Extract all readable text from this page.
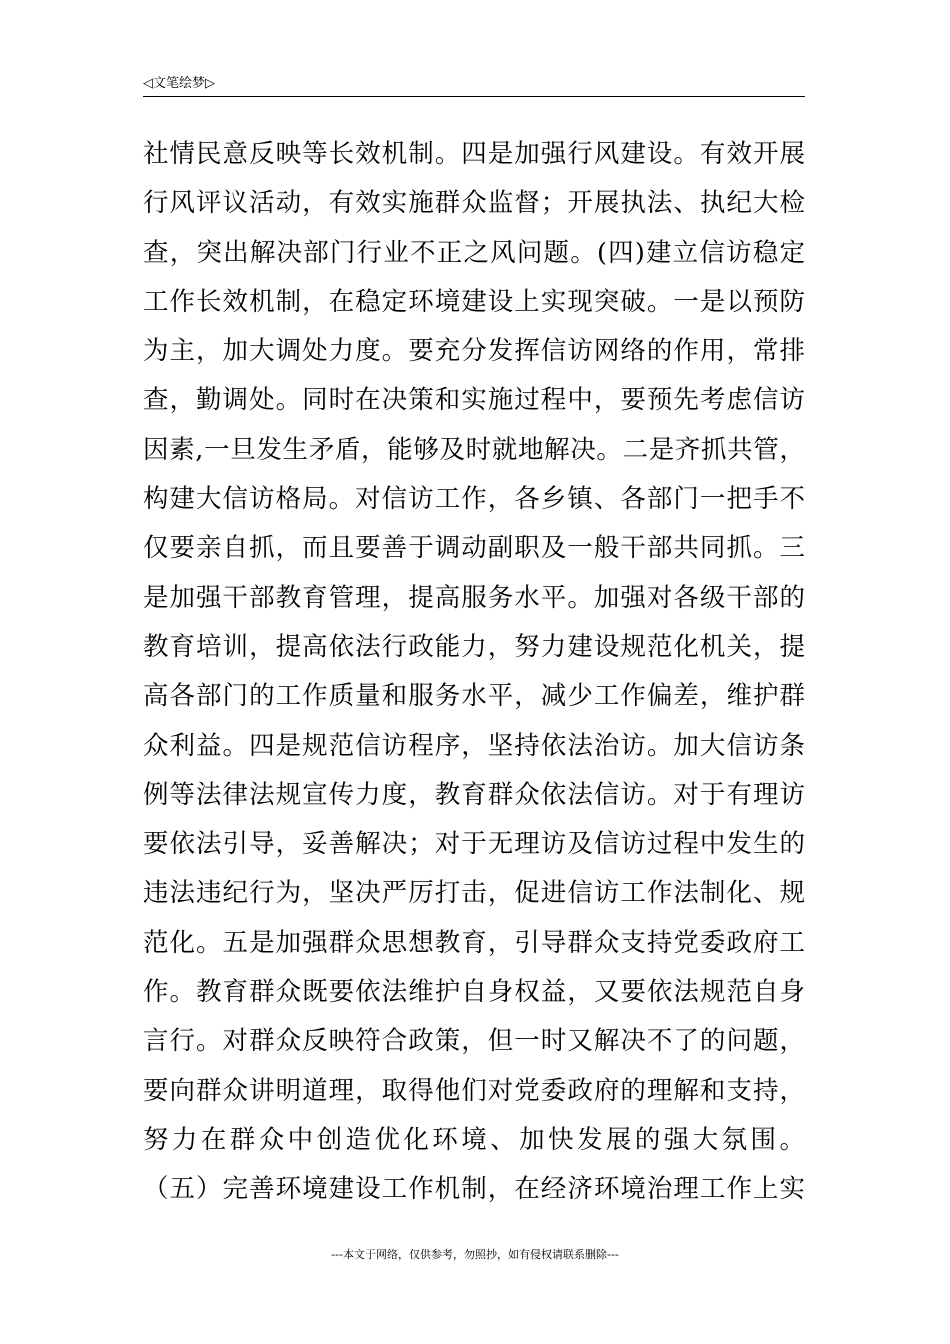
◁文笔绘梦▷
社情民意反映等长效机制。四是加强行风建设。有效开展
行风评议活动，有效实施群众监督；开展执法、执纪大检
查，突出解决部门行业不正之风问题。(四)建立信访稳定
工作长效机制，在稳定环境建设上实现突破。一是以预防
为主，加大调处力度。要充分发挥信访网络的作用，常排
查，勤调处。同时在决策和实施过程中，要预先考虑信访
因素,一旦发生矛盾，能够及时就地解决。二是齐抓共管，
构建大信访格局。对信访工作，各乡镇、各部门一把手不
仅要亲自抓，而且要善于调动副职及一般干部共同抓。三
是加强干部教育管理，提高服务水平。加强对各级干部的
教育培训，提高依法行政能力，努力建设规范化机关，提
高各部门的工作质量和服务水平，减少工作偏差，维护群
众利益。四是规范信访程序，坚持依法治访。加大信访条
例等法律法规宣传力度，教育群众依法信访。对于有理访
要依法引导，妥善解决；对于无理访及信访过程中发生的
违法违纪行为，坚决严厉打击，促进信访工作法制化、规
范化。五是加强群众思想教育，引导群众支持党委政府工
作。教育群众既要依法维护自身权益，又要依法规范自身
言行。对群众反映符合政策，但一时又解决不了的问题，
要向群众讲明道理，取得他们对党委政府的理解和支持，
努力在群众中创造优化环境、加快发展的强大氛围。
（五）完善环境建设工作机制，在经济环境治理工作上实
---本文于网络，仅供参考，勿照抄，如有侵权请联系删除---
